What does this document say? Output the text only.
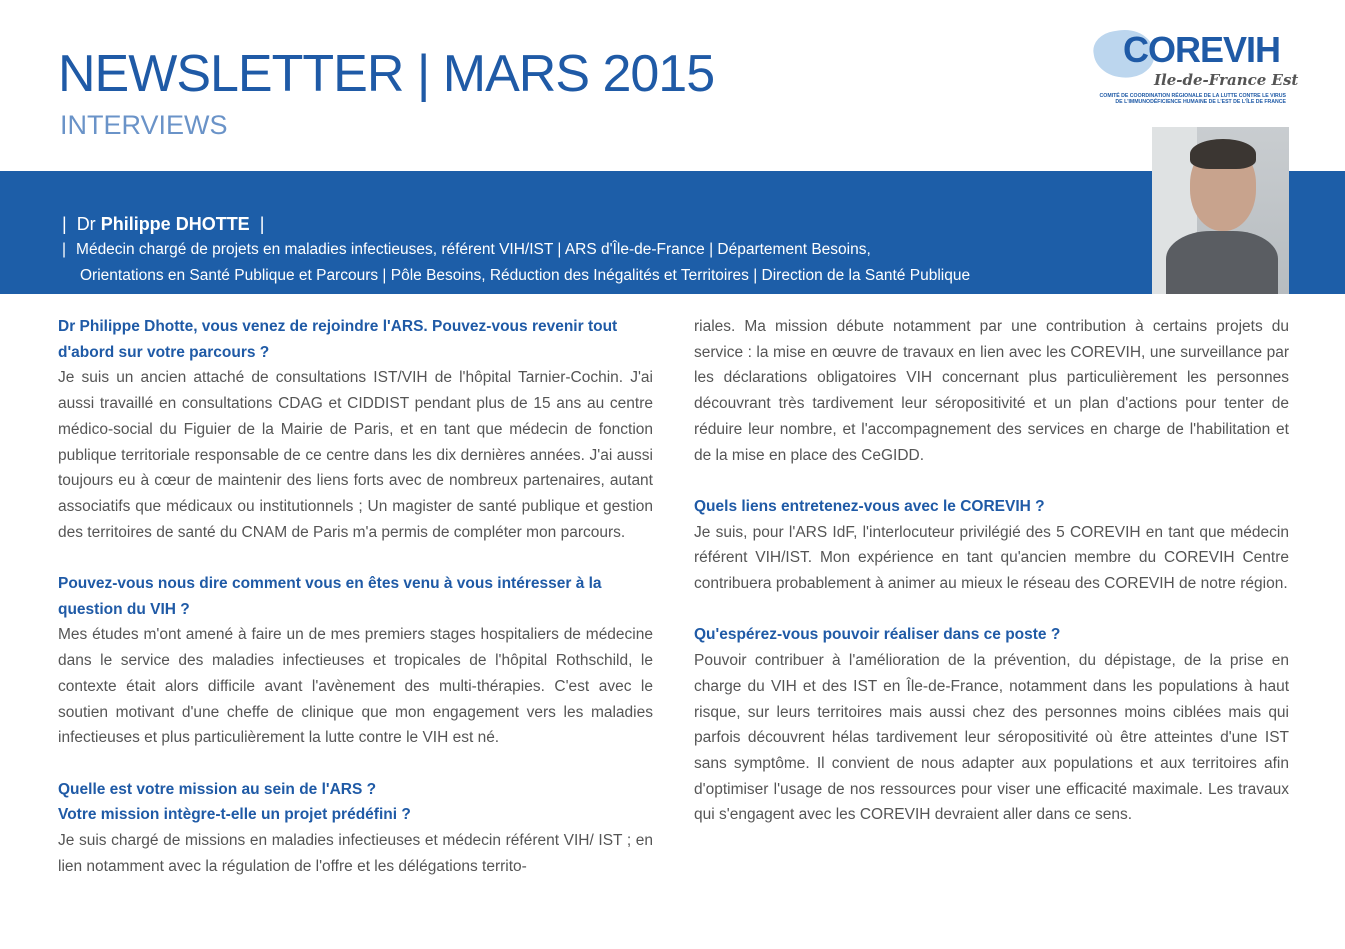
NEWSLETTER | MARS 2015
INTERVIEWS
COREVIH
Ile-de-France Est
COMITÉ DE COORDINATION RÉGIONALE DE LA LUTTE CONTRE LE VIRUS DE L'IMMUNODÉFICIENCE HUMAINE DE L'EST DE L'ÎLE DE FRANCE
| Dr Philippe DHOTTE  |
| Médecin chargé de projets en maladies infectieuses, référent VIH/IST | ARS d'Île-de-France | Département Besoins,
Orientations en Santé Publique et Parcours | Pôle Besoins, Réduction des Inégalités et Territoires | Direction de la Santé Publique

Dr Philippe Dhotte, vous venez de rejoindre l'ARS. Pouvez-vous revenir tout d'abord sur votre parcours ?

Je suis un ancien attaché de consultations IST/VIH de l'hôpital Tarnier-Cochin. J'ai aussi travaillé en consultations CDAG et CIDDIST pendant plus de 15 ans au centre médico-social du Figuier de la Mairie de Paris, et en tant que médecin de fonction publique territoriale responsable de ce centre dans les dix dernières années. J'ai aussi toujours eu à cœur de maintenir des liens forts avec de nombreux partenaires, autant associatifs que médicaux ou institutionnels ; Un magister de santé publique et gestion des territoires de santé du CNAM de Paris m'a permis de compléter mon parcours.

Pouvez-vous nous dire comment vous en êtes venu à vous intéresser à la question du VIH ?

Mes études m'ont amené à faire un de mes premiers stages hospitaliers de médecine dans le service des maladies infectieuses et tropicales de l'hôpital Rothschild, le contexte était alors difficile avant l'avènement des multi-thérapies. C'est avec le soutien motivant d'une cheffe de clinique que mon engagement vers les maladies infectieuses et plus particulièrement la lutte contre le VIH est né.

Quelle est votre mission au sein de l'ARS ?

Votre mission intègre-t-elle un projet prédéfini ?

Je suis chargé de missions en maladies infectieuses et médecin référent VIH/ IST ; en lien notamment avec la régulation de l'offre et les délégations territo-

riales. Ma mission débute notamment par une contribution à certains projets du service : la mise en œuvre de travaux en lien avec les COREVIH, une surveillance par les déclarations obligatoires VIH concernant plus particulièrement les personnes découvrant très tardivement leur séropositivité et un plan d'actions pour tenter de réduire leur nombre, et l'accompagnement des services en charge de l'habilitation et de la mise en place des CeGIDD.

Quels liens entretenez-vous avec le COREVIH ?

Je suis, pour l'ARS IdF, l'interlocuteur privilégié des 5 COREVIH en tant que médecin référent VIH/IST. Mon expérience en tant qu'ancien membre du COREVIH Centre contribuera probablement à animer au mieux le réseau des COREVIH de notre région.

Qu'espérez-vous pouvoir réaliser dans ce poste ?

Pouvoir contribuer à l'amélioration de la prévention, du dépistage, de la prise en charge du VIH et des IST en Île-de-France, notamment dans les populations à haut risque, sur leurs territoires mais aussi chez des personnes moins ciblées mais qui parfois découvrent hélas tardivement leur séropositivité où être atteintes d'une IST sans symptôme. Il convient de nous adapter aux populations et aux territoires afin d'optimiser l'usage de nos ressources pour viser une efficacité maximale. Les travaux qui s'engagent avec les COREVIH devraient aller dans ce sens.
